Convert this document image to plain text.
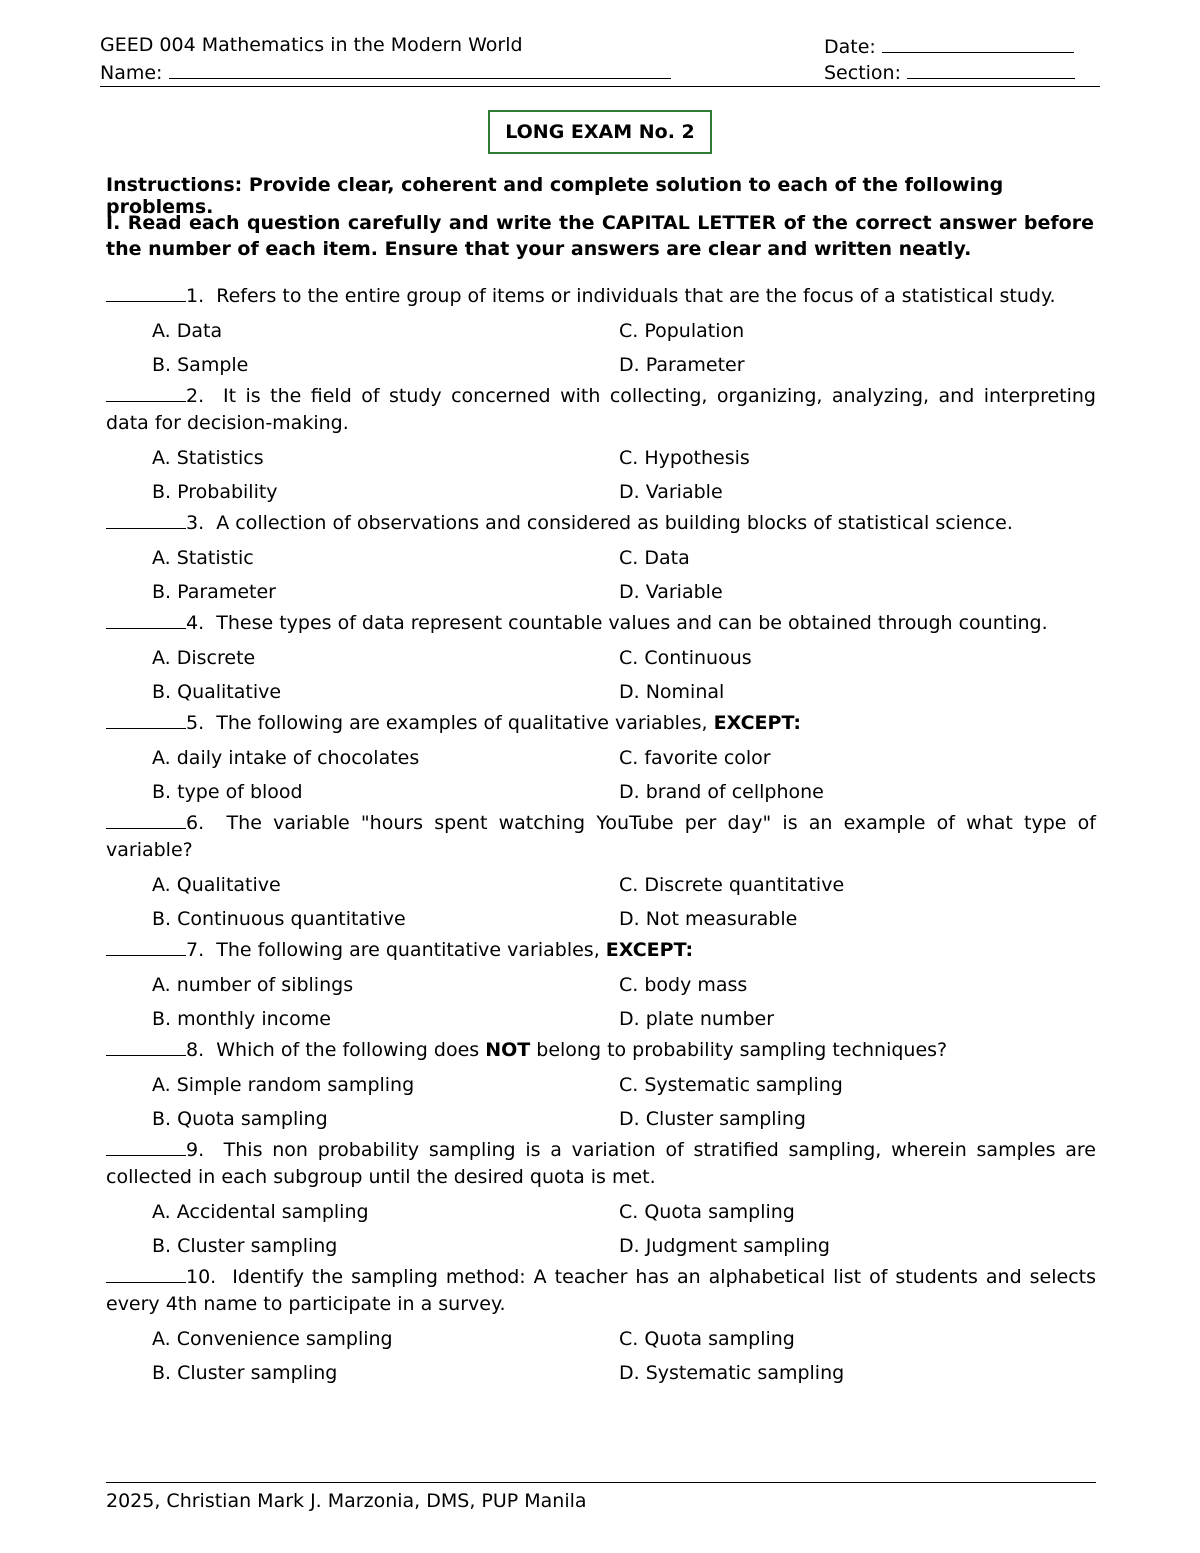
GEED 004 Mathematics in the Modern World	Date:
Name:	Section:
LONG EXAM No. 2
Instructions: Provide clear, coherent and complete solution to each of the following problems.
I. Read each question carefully and write the CAPITAL LETTER of the correct answer before the number of each item. Ensure that your answers are clear and written neatly.
1. Refers to the entire group of items or individuals that are the focus of a statistical study.
A. Data	C. Population
B. Sample	D. Parameter
2. It is the field of study concerned with collecting, organizing, analyzing, and interpreting data for decision-making.
A. Statistics	C. Hypothesis
B. Probability	D. Variable
3. A collection of observations and considered as building blocks of statistical science.
A. Statistic	C. Data
B. Parameter	D. Variable
4. These types of data represent countable values and can be obtained through counting.
A. Discrete	C. Continuous
B. Qualitative	D. Nominal
5. The following are examples of qualitative variables, EXCEPT:
A. daily intake of chocolates	C. favorite color
B. type of blood	D. brand of cellphone
6. The variable "hours spent watching YouTube per day" is an example of what type of variable?
A. Qualitative	C. Discrete quantitative
B. Continuous quantitative	D. Not measurable
7. The following are quantitative variables, EXCEPT:
A. number of siblings	C. body mass
B. monthly income	D. plate number
8. Which of the following does NOT belong to probability sampling techniques?
A. Simple random sampling	C. Systematic sampling
B. Quota sampling	D. Cluster sampling
9. This non probability sampling is a variation of stratified sampling, wherein samples are collected in each subgroup until the desired quota is met.
A. Accidental sampling	C. Quota sampling
B. Cluster sampling	D. Judgment sampling
10. Identify the sampling method: A teacher has an alphabetical list of students and selects every 4th name to participate in a survey.
A. Convenience sampling	C. Quota sampling
B. Cluster sampling	D. Systematic sampling
2025, Christian Mark J. Marzonia, DMS, PUP Manila
